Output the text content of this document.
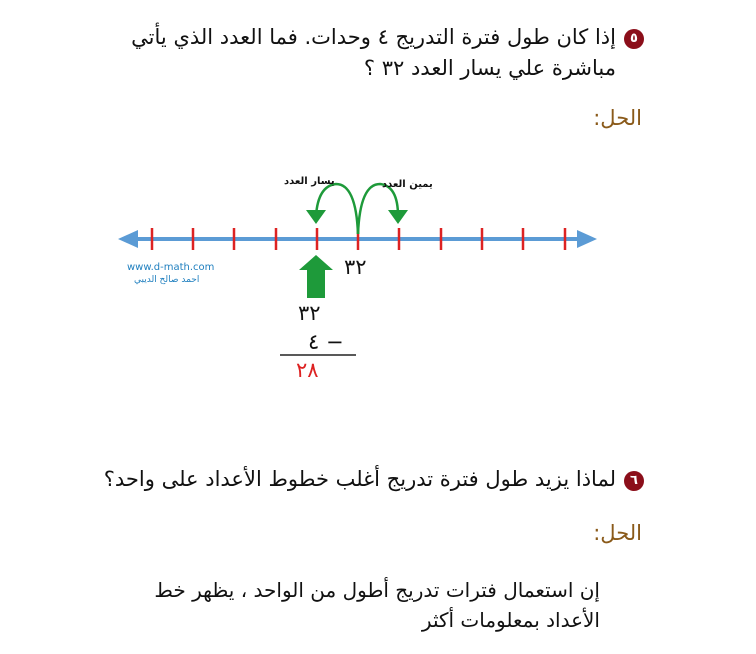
٥إذا كان طول فترة التدريج ٤ وحدات. فما العدد الذي يأتي
مباشرة علي يسار العدد ٣٢ ؟
الحل:
يسار العدد	يمين العدد
٣٢
www.d-math.com
احمد صالح الديبي
٣٢
٤ −
٢٨
٦لماذا يزيد طول فترة تدريج أغلب خطوط الأعداد على واحد؟
الحل:
إن استعمال فترات تدريج أطول من الواحد ، يظهر خط
الأعداد بمعلومات أكثر
